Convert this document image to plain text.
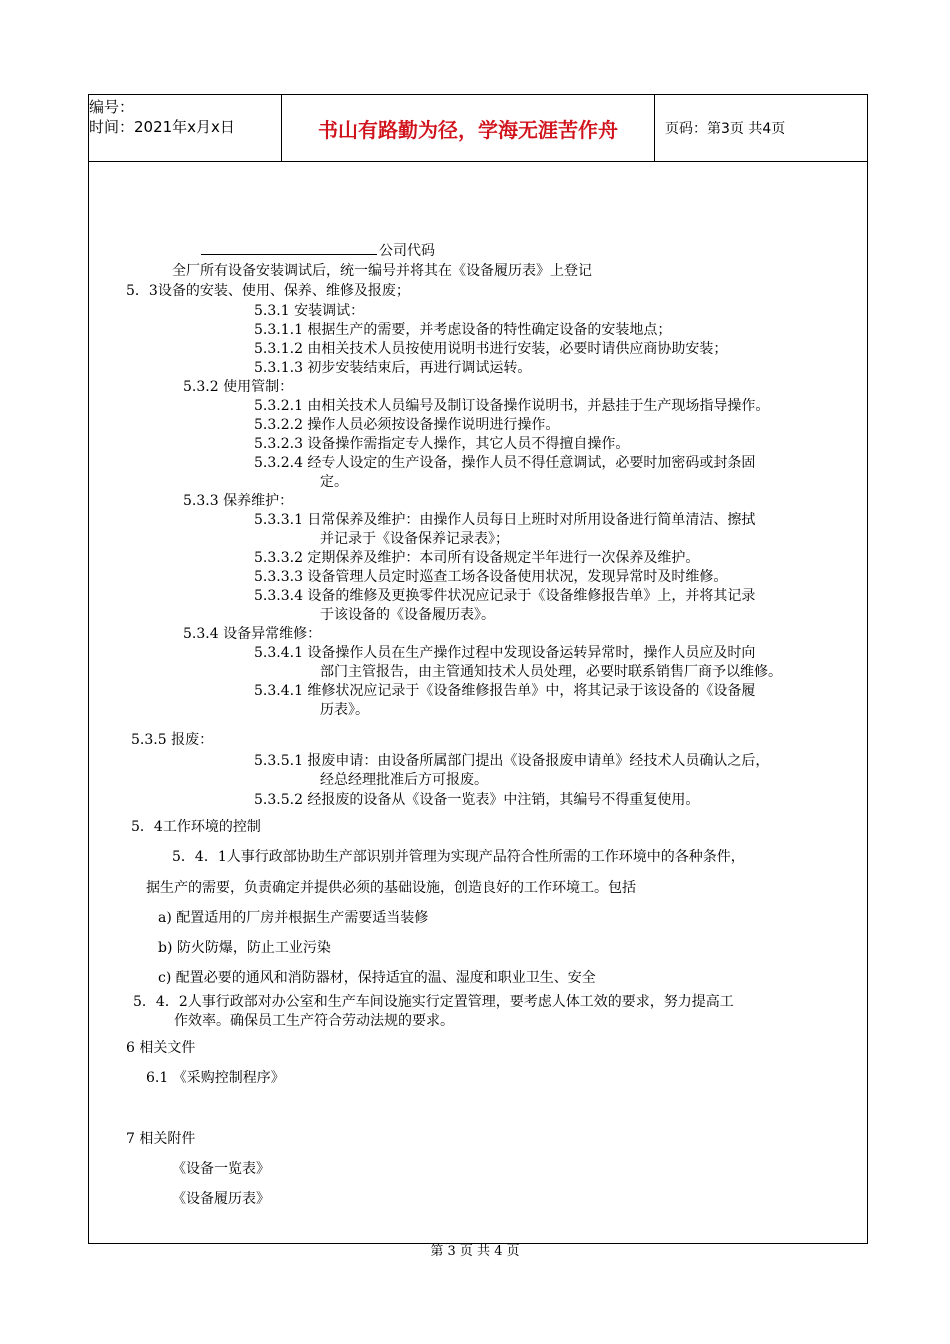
编号：
时间：2021年x月x日	书山有路勤为径，学海无涯苦作舟	页码：第3页 共4页
公司代码
全厂所有设备安装调试后，统一编号并将其在《设备履历表》上登记
5．3设备的安装、使用、保养、维修及报废；
5.3.1 安装调试：
5.3.1.1 根据生产的需要，并考虑设备的特性确定设备的安装地点；
5.3.1.2 由相关技术人员按使用说明书进行安装，必要时请供应商协助安装；
5.3.1.3 初步安装结束后，再进行调试运转。
5.3.2 使用管制：
5.3.2.1 由相关技术人员编号及制订设备操作说明书，并悬挂于生产现场指导操作。
5.3.2.2 操作人员必须按设备操作说明进行操作。
5.3.2.3 设备操作需指定专人操作，其它人员不得擅自操作。
5.3.2.4 经专人设定的生产设备，操作人员不得任意调试，必要时加密码或封条固
定。
5.3.3 保养维护：
5.3.3.1 日常保养及维护：由操作人员每日上班时对所用设备进行简单清洁、擦拭
并记录于《设备保养记录表》；
5.3.3.2 定期保养及维护：本司所有设备规定半年进行一次保养及维护。
5.3.3.3 设备管理人员定时巡查工场各设备使用状况，发现异常时及时维修。
5.3.3.4 设备的维修及更换零件状况应记录于《设备维修报告单》上，并将其记录
于该设备的《设备履历表》。
5.3.4 设备异常维修：
5.3.4.1 设备操作人员在生产操作过程中发现设备运转异常时，操作人员应及时向
部门主管报告，由主管通知技术人员处理，必要时联系销售厂商予以维修。
5.3.4.1 维修状况应记录于《设备维修报告单》中，将其记录于该设备的《设备履
历表》。
5.3.5 报废：
5.3.5.1 报废申请：由设备所属部门提出《设备报废申请单》经技术人员确认之后，
经总经理批准后方可报废。
5.3.5.2 经报废的设备从《设备一览表》中注销，其编号不得重复使用。
5．4工作环境的控制
5．4．1人事行政部协助生产部识别并管理为实现产品符合性所需的工作环境中的各种条件，
据生产的需要，负责确定并提供必须的基础设施，创造良好的工作环境工。包括
a) 配置适用的厂房并根据生产需要适当装修
b) 防火防爆，防止工业污染
c) 配置必要的通风和消防器材，保持适宜的温、湿度和职业卫生、安全
5．4．2人事行政部对办公室和生产车间设施实行定置管理，要考虑人体工效的要求，努力提高工
作效率。确保员工生产符合劳动法规的要求。
6 相关文件
6.1 《采购控制程序》
7 相关附件
《设备一览表》
《设备履历表》
第 3 页 共 4 页
